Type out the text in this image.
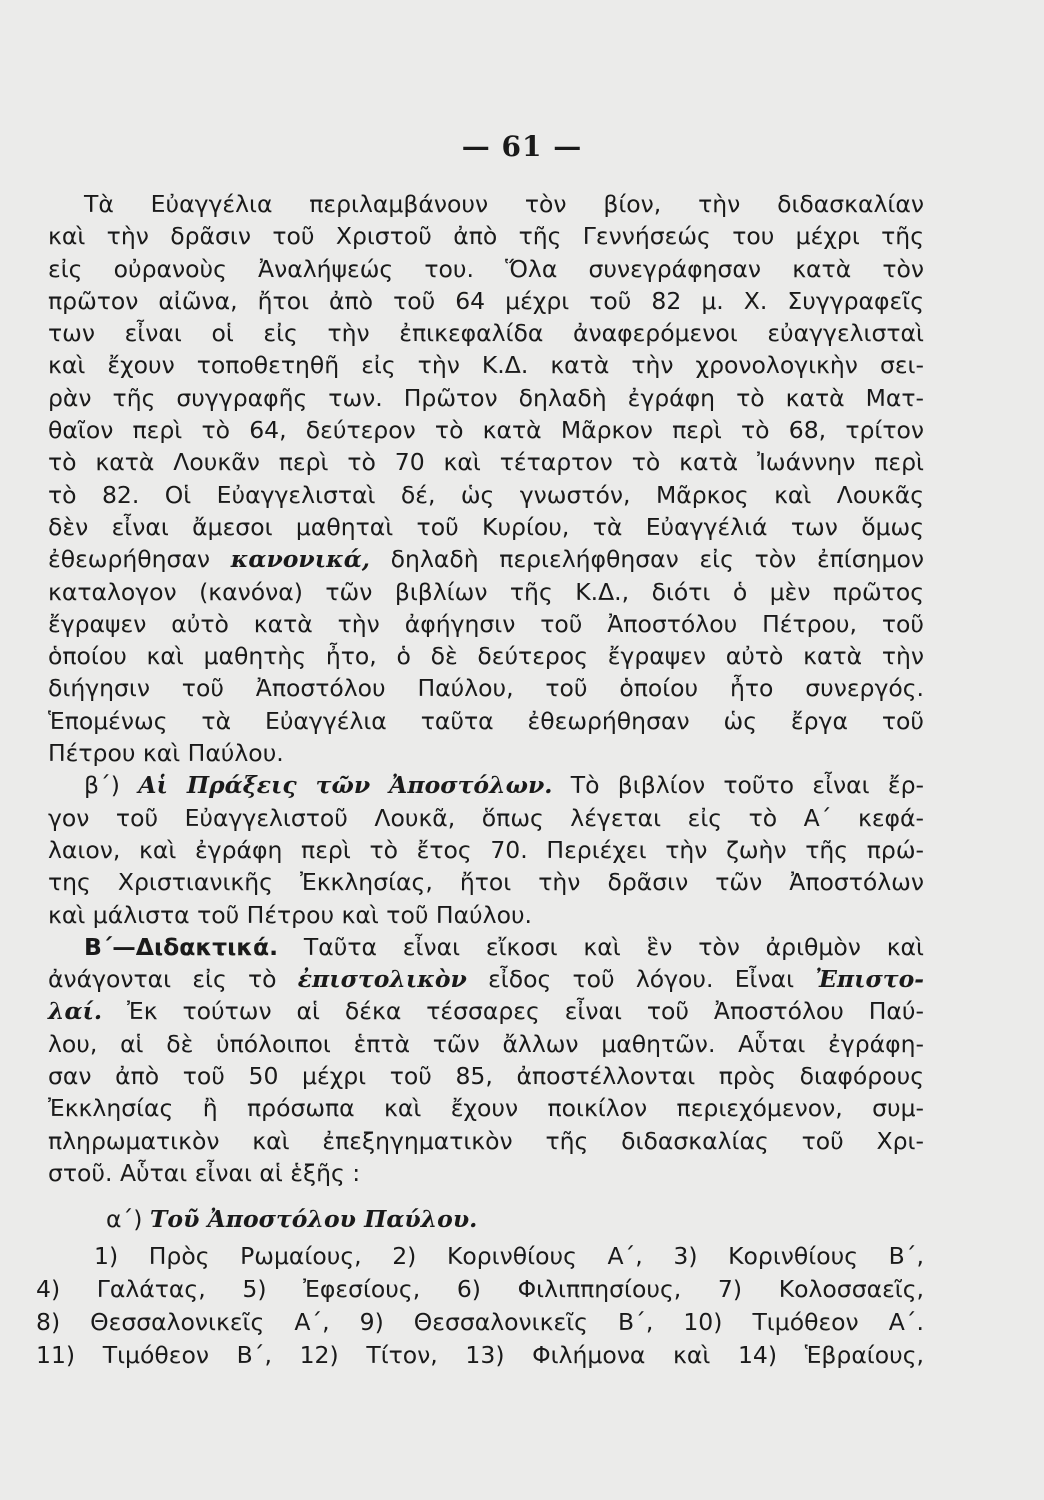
— 61 —
Τὰ Εὐαγγέλια περιλαμβάνουν τὸν βίον, τὴν διδασκαλίαν
καὶ τὴν δρᾶσιν τοῦ Χριστοῦ ἀπὸ τῆς Γεννήσεώς του μέχρι τῆς
εἰς οὐρανοὺς Ἀναλήψεώς του. Ὅλα συνεγράφησαν κατὰ τὸν
πρῶτον αἰῶνα, ἤτοι ἀπὸ τοῦ 64 μέχρι τοῦ 82 μ. Χ. Συγγραφεῖς
των εἶναι οἱ εἰς τὴν ἐπικεφαλίδα ἀναφερόμενοι εὐαγγελισταὶ
καὶ ἔχουν τοποθετηθῆ εἰς τὴν Κ.Δ. κατὰ τὴν χρονολογικὴν σει-
ρὰν τῆς συγγραφῆς των. Πρῶτον δηλαδὴ ἐγράφη τὸ κατὰ Ματ-
θαῖον περὶ τὸ 64, δεύτερον τὸ κατὰ Μᾶρκον περὶ τὸ 68, τρίτον
τὸ κατὰ Λουκᾶν περὶ τὸ 70 καὶ τέταρτον τὸ κατὰ Ἰωάννην περὶ
τὸ 82. Οἱ Εὐαγγελισταὶ δέ, ὡς γνωστόν, Μᾶρκος καὶ Λουκᾶς
δὲν εἶναι ἄμεσοι μαθηταὶ τοῦ Κυρίου, τὰ Εὐαγγέλιά των ὅμως
ἐθεωρήθησαν κανονικά, δηλαδὴ περιελήφθησαν εἰς τὸν ἐπίσημον
καταλογον (κανόνα) τῶν βιβλίων τῆς Κ.Δ., διότι ὁ μὲν πρῶτος
ἔγραψεν αὐτὸ κατὰ τὴν ἀφήγησιν τοῦ Ἀποστόλου Πέτρου, τοῦ
ὁποίου καὶ μαθητὴς ἦτο, ὁ δὲ δεύτερος ἔγραψεν αὐτὸ κατὰ τὴν
διήγησιν τοῦ Ἀποστόλου Παύλου, τοῦ ὁποίου ἦτο συνεργός.
Ἑπομένως τὰ Εὐαγγέλια ταῦτα ἐθεωρήθησαν ὡς ἔργα τοῦ
Πέτρου καὶ Παύλου.
β΄) Αἱ Πράξεις τῶν Ἀποστόλων. Τὸ βιβλίον τοῦτο εἶναι ἔρ-
γον τοῦ Εὐαγγελιστοῦ Λουκᾶ, ὅπως λέγεται εἰς τὸ Α΄ κεφά-
λαιον, καὶ ἐγράφη περὶ τὸ ἔτος 70. Περιέχει τὴν ζωὴν τῆς πρώ-
της Χριστιανικῆς Ἐκκλησίας, ἤτοι τὴν δρᾶσιν τῶν Ἀποστόλων
καὶ μάλιστα τοῦ Πέτρου καὶ τοῦ Παύλου.
Β΄—Διδακτικά. Ταῦτα εἶναι εἴκοσι καὶ ἓν τὸν ἀριθμὸν καὶ
ἀνάγονται εἰς τὸ ἐπιστολικὸν εἶδος τοῦ λόγου. Εἶναι Ἐπιστο-
λαί. Ἐκ τούτων αἱ δέκα τέσσαρες εἶναι τοῦ Ἀποστόλου Παύ-
λου, αἱ δὲ ὑπόλοιποι ἑπτὰ τῶν ἄλλων μαθητῶν. Αὗται ἐγράφη-
σαν ἀπὸ τοῦ 50 μέχρι τοῦ 85, ἀποστέλλονται πρὸς διαφόρους
Ἐκκλησίας ἢ πρόσωπα καὶ ἔχουν ποικίλον περιεχόμενον, συμ-
πληρωματικὸν καὶ ἐπεξηγηματικὸν τῆς διδασκαλίας τοῦ Χρι-
στοῦ. Αὗται εἶναι αἱ ἑξῆς :
α΄) Τοῦ Ἀποστόλου Παύλου.
1) Πρὸς Ρωμαίους, 2) Κορινθίους Α΄, 3) Κορινθίους Β΄,
4) Γαλάτας, 5) Ἐφεσίους, 6) Φιλιππησίους, 7) Κολοσσαεῖς,
8) Θεσσαλονικεῖς Α΄, 9) Θεσσαλονικεῖς Β΄, 10) Τιμόθεον Α΄.
11) Τιμόθεον Β΄, 12) Τίτον, 13) Φιλήμονα καὶ 14) Ἑβραίους,
